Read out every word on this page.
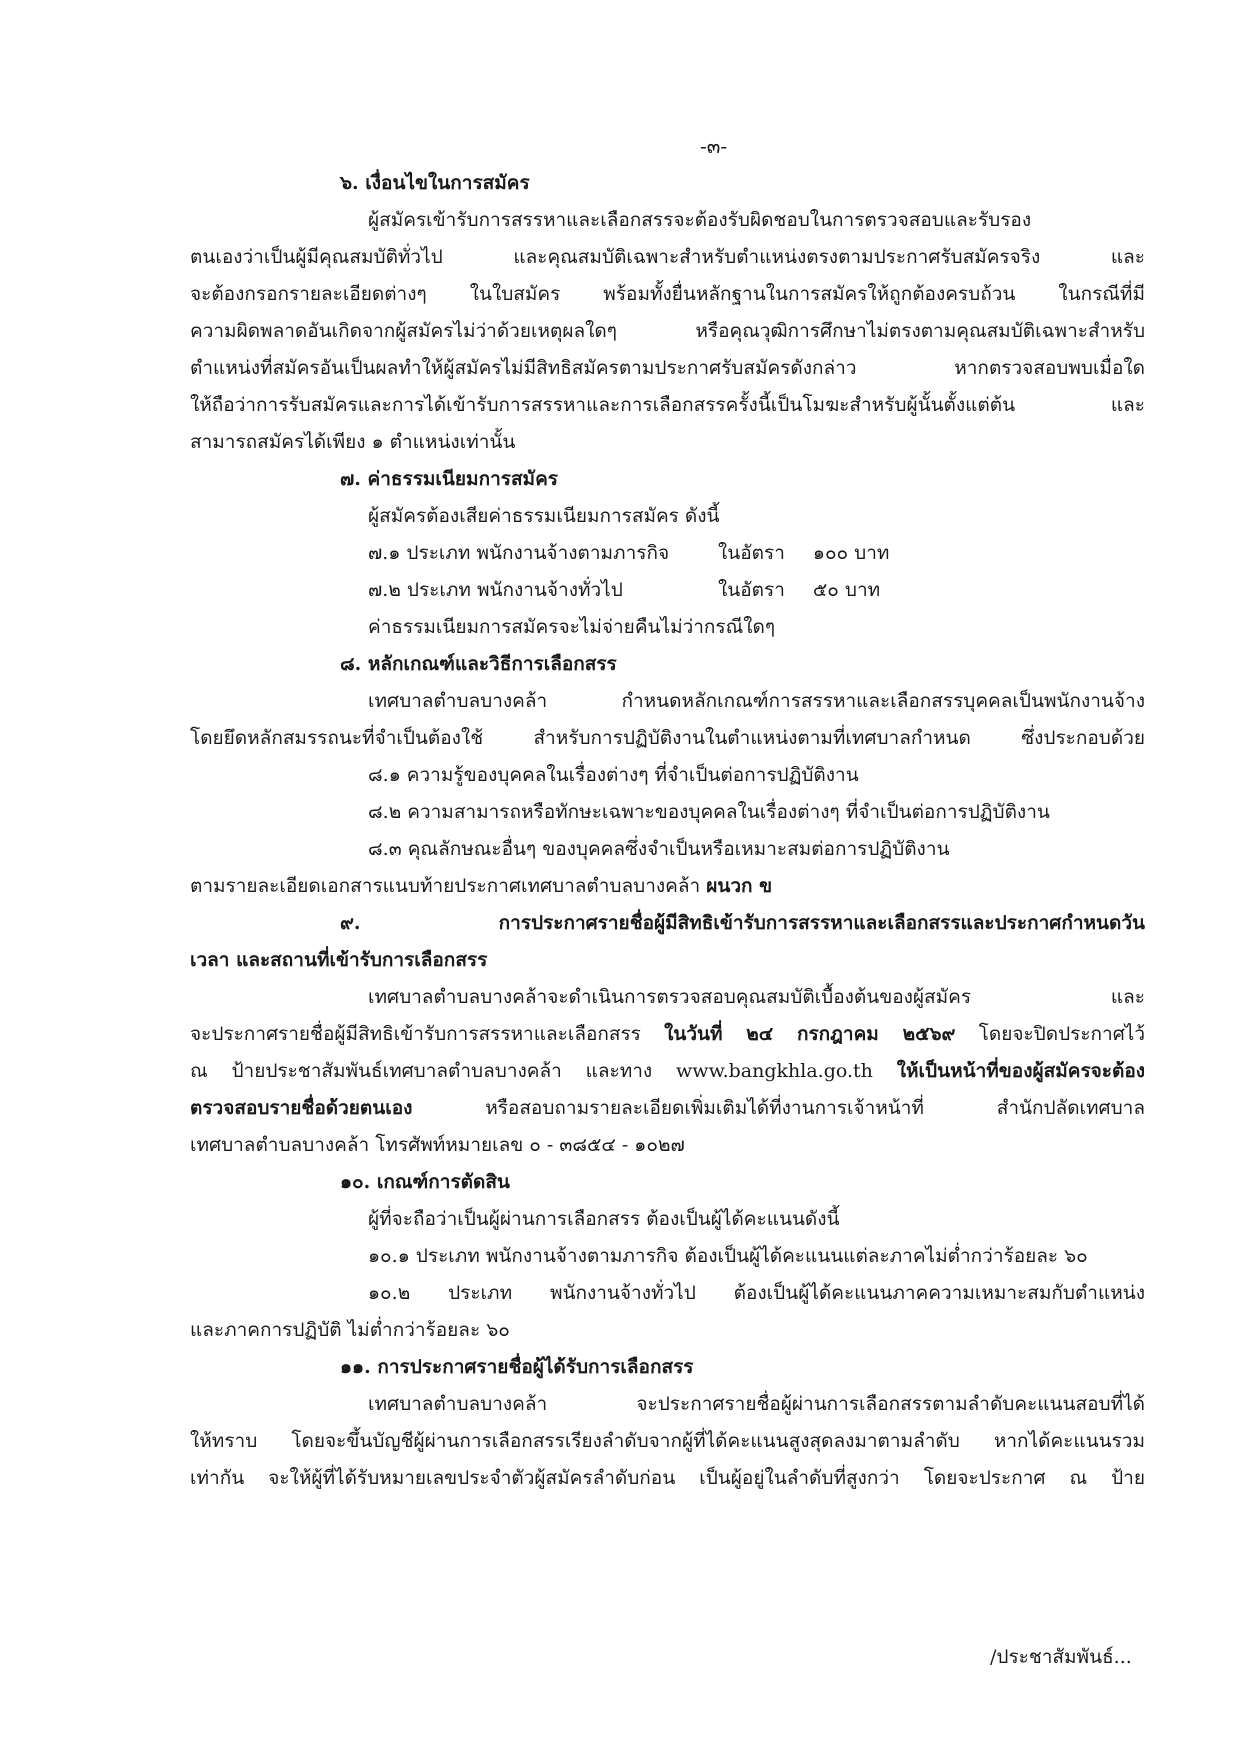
-๓-
๖. เงื่อนไขในการสมัคร
ผู้สมัครเข้ารับการสรรหาและเลือกสรรจะต้องรับผิดชอบในการตรวจสอบและรับรอง
ตนเองว่าเป็นผู้มีคุณสมบัติทั่วไป และคุณสมบัติเฉพาะสำหรับตำแหน่งตรงตามประกาศรับสมัครจริง และ
จะต้องกรอกรายละเอียดต่างๆ ในใบสมัคร พร้อมทั้งยื่นหลักฐานในการสมัครให้ถูกต้องครบถ้วน ในกรณีที่มี
ความผิดพลาดอันเกิดจากผู้สมัครไม่ว่าด้วยเหตุผลใดๆ หรือคุณวุฒิการศึกษาไม่ตรงตามคุณสมบัติเฉพาะสำหรับ
ตำแหน่งที่สมัครอันเป็นผลทำให้ผู้สมัครไม่มีสิทธิสมัครตามประกาศรับสมัครดังกล่าว หากตรวจสอบพบเมื่อใด
ให้ถือว่าการรับสมัครและการได้เข้ารับการสรรหาและการเลือกสรรครั้งนี้เป็นโมฆะสำหรับผู้นั้นตั้งแต่ต้น และ
สามารถสมัครได้เพียง ๑ ตำแหน่งเท่านั้น
๗. ค่าธรรมเนียมการสมัคร
ผู้สมัครต้องเสียค่าธรรมเนียมการสมัคร ดังนี้
๗.๑ ประเภท พนักงานจ้างตามภารกิจ	ในอัตรา ๑๐๐ บาท
๗.๒ ประเภท พนักงานจ้างทั่วไป	ในอัตรา ๕๐ บาท
ค่าธรรมเนียมการสมัครจะไม่จ่ายคืนไม่ว่ากรณีใดๆ
๘. หลักเกณฑ์และวิธีการเลือกสรร
เทศบาลตำบลบางคล้า กำหนดหลักเกณฑ์การสรรหาและเลือกสรรบุคคลเป็นพนักงานจ้าง
โดยยึดหลักสมรรถนะที่จำเป็นต้องใช้ สำหรับการปฏิบัติงานในตำแหน่งตามที่เทศบาลกำหนด ซึ่งประกอบด้วย
๘.๑ ความรู้ของบุคคลในเรื่องต่างๆ ที่จำเป็นต่อการปฏิบัติงาน
๘.๒ ความสามารถหรือทักษะเฉพาะของบุคคลในเรื่องต่างๆ ที่จำเป็นต่อการปฏิบัติงาน
๘.๓ คุณลักษณะอื่นๆ ของบุคคลซึ่งจำเป็นหรือเหมาะสมต่อการปฏิบัติงาน
ตามรายละเอียดเอกสารแนบท้ายประกาศเทศบาลตำบลบางคล้า ผนวก ข
๙. การประกาศรายชื่อผู้มีสิทธิเข้ารับการสรรหาและเลือกสรรและประกาศกำหนดวัน
เวลา และสถานที่เข้ารับการเลือกสรร
เทศบาลตำบลบางคล้าจะดำเนินการตรวจสอบคุณสมบัติเบื้องต้นของผู้สมัคร และ
จะประกาศรายชื่อผู้มีสิทธิเข้ารับการสรรหาและเลือกสรร ในวันที่ ๒๔ กรกฎาคม ๒๕๖๙ โดยจะปิดประกาศไว้
ณ ป้ายประชาสัมพันธ์เทศบาลตำบลบางคล้า และทาง www.bangkhla.go.th ให้เป็นหน้าที่ของผู้สมัครจะต้อง
ตรวจสอบรายชื่อด้วยตนเอง	หรือสอบถามรายละเอียดเพิ่มเติมได้ที่งานการเจ้าหน้าที่ สำนักปลัดเทศบาล
เทศบาลตำบลบางคล้า โทรศัพท์หมายเลข ๐ - ๓๘๕๔ - ๑๐๒๗
๑๐. เกณฑ์การตัดสิน
ผู้ที่จะถือว่าเป็นผู้ผ่านการเลือกสรร ต้องเป็นผู้ได้คะแนนดังนี้
๑๐.๑ ประเภท พนักงานจ้างตามภารกิจ ต้องเป็นผู้ได้คะแนนแต่ละภาคไม่ต่ำกว่าร้อยละ ๖๐
๑๐.๒ ประเภท พนักงานจ้างทั่วไป ต้องเป็นผู้ได้คะแนนภาคความเหมาะสมกับตำแหน่ง
และภาคการปฏิบัติ ไม่ต่ำกว่าร้อยละ ๖๐
๑๑. การประกาศรายชื่อผู้ได้รับการเลือกสรร
เทศบาลตำบลบางคล้า จะประกาศรายชื่อผู้ผ่านการเลือกสรรตามลำดับคะแนนสอบที่ได้
ให้ทราบ โดยจะขึ้นบัญชีผู้ผ่านการเลือกสรรเรียงลำดับจากผู้ที่ได้คะแนนสูงสุดลงมาตามลำดับ หากได้คะแนนรวม
เท่ากัน จะให้ผู้ที่ได้รับหมายเลขประจำตัวผู้สมัครลำดับก่อน เป็นผู้อยู่ในลำดับที่สูงกว่า โดยจะประกาศ ณ ป้าย
/ประชาสัมพันธ์...
